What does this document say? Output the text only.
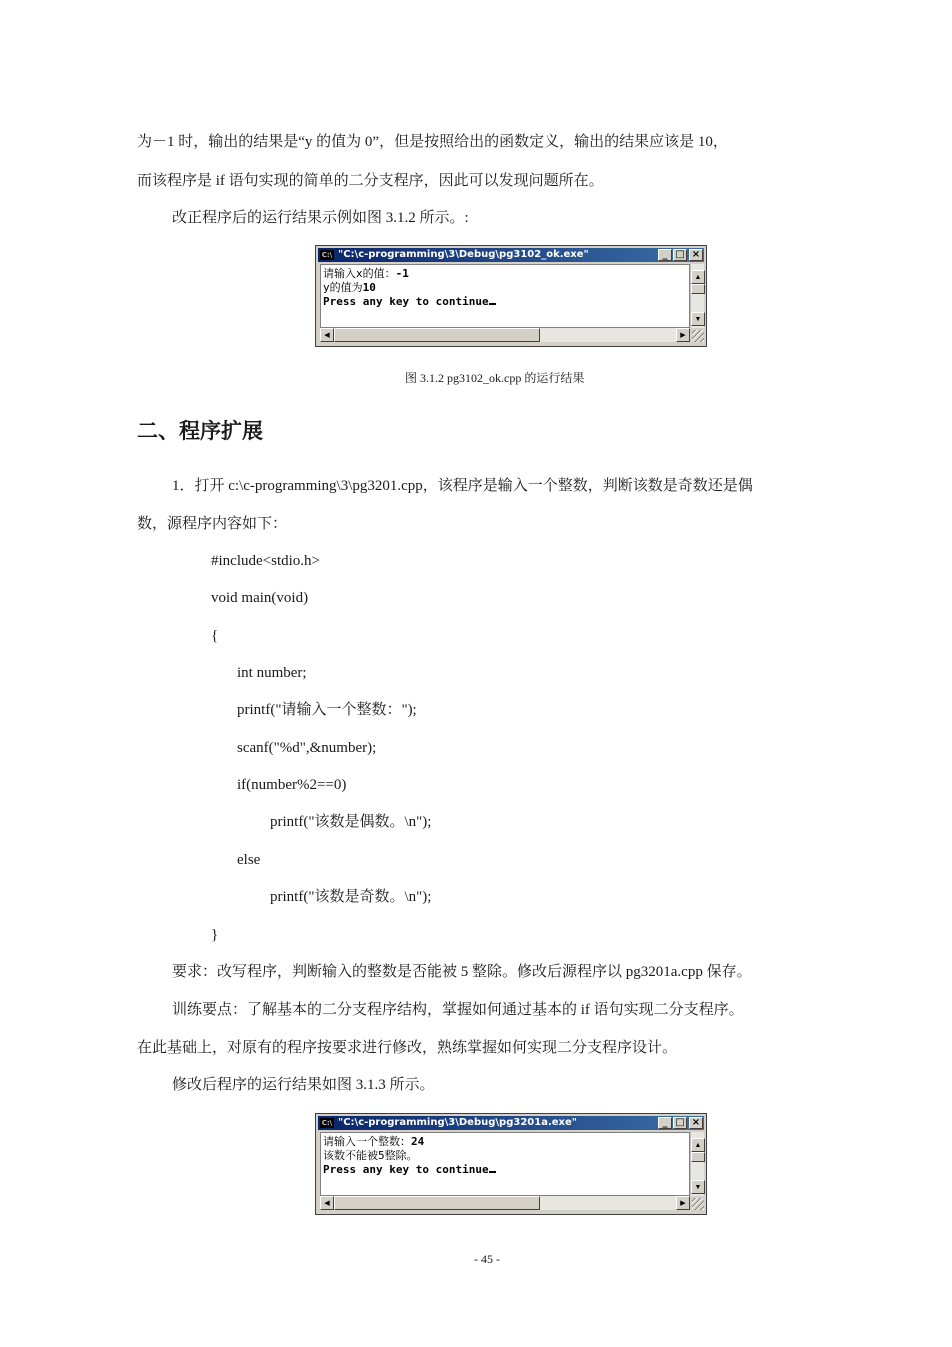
为－1 时，输出的结果是“y 的值为 0”，但是按照给出的函数定义，输出的结果应该是 10，
而该程序是 if 语句实现的简单的二分支程序，因此可以发现问题所在。
改正程序后的运行结果示例如图 3.1.2 所示。:
C:\ "C:\c-programming\3\Debug\pg3102_ok.exe"	_ □ ×
请输入x的值：-1
y的值为10
Press any key to continue
▲
▼
◀	▶
图 3.1.2 pg3102_ok.cpp 的运行结果
二、程序扩展
1．打开 c:\c-programming\3\pg3201.cpp，该程序是输入一个整数，判断该数是奇数还是偶
数，源程序内容如下：
#include<stdio.h>
void main(void)
{
int number;
printf("请输入一个整数：");
scanf("%d",&number);
if(number%2==0)
printf("该数是偶数。\n");
else
printf("该数是奇数。\n");
}
要求：改写程序，判断输入的整数是否能被 5 整除。修改后源程序以 pg3201a.cpp 保存。
训练要点：了解基本的二分支程序结构，掌握如何通过基本的 if 语句实现二分支程序。
在此基础上，对原有的程序按要求进行修改，熟练掌握如何实现二分支程序设计。
修改后程序的运行结果如图 3.1.3 所示。
C:\ "C:\c-programming\3\Debug\pg3201a.exe"	_ □ ×
请输入一个整数：24
该数不能被5整除。
Press any key to continue
▲
▼
◀	▶
- 45 -
